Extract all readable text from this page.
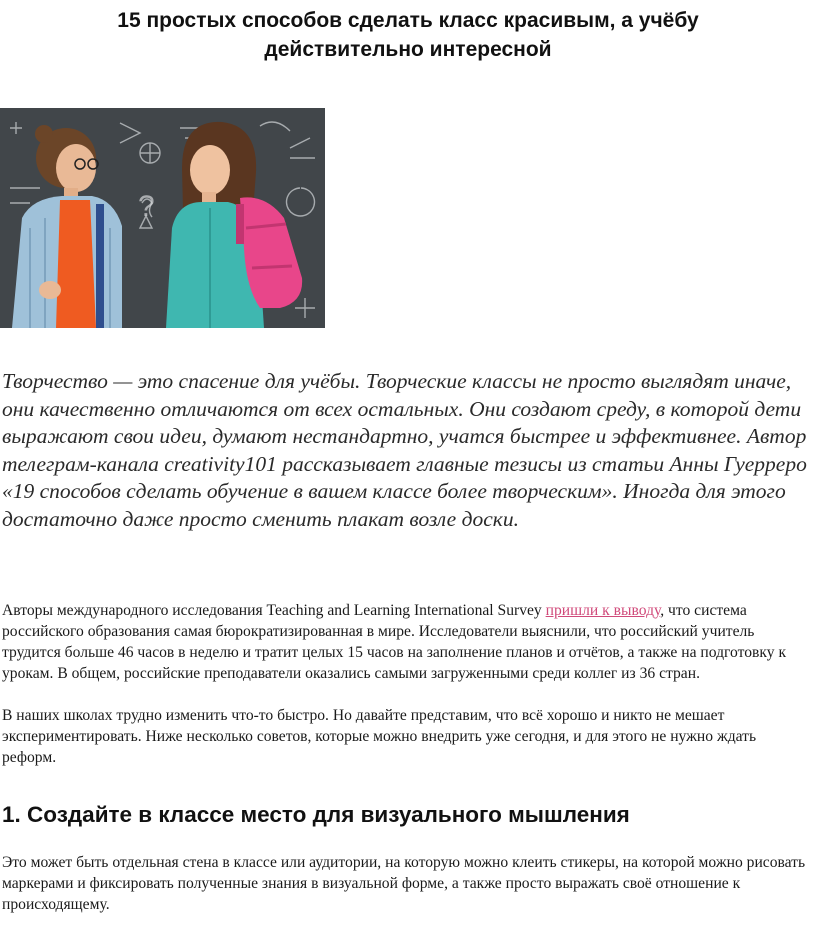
15 простых способов сделать класс красивым, а учёбу действительно интересной
?

Творчество — это спасение для учёбы. Творческие классы не просто выглядят иначе, они качественно отличаются от всех остальных. Они создают среду, в которой дети выражают свои идеи, думают нестандартно, учатся быстрее и эффективнее. Автор телеграм-канала creativity101 рассказывает главные тезисы из статьи Анны Гуерреро «19 способов сделать обучение в вашем классе более творческим». Иногда для этого достаточно даже просто сменить плакат возле доски.

Авторы международного исследования Teaching and Learning International Survey пришли к выводу, что система российского образования самая бюрократизированная в мире. Исследователи выяснили, что российский учитель трудится больше 46 часов в неделю и тратит целых 15 часов на заполнение планов и отчётов, а также на подготовку к урокам. В общем, российские преподаватели оказались самыми загруженными среди коллег из 36 стран.

В наших школах трудно изменить что-то быстро. Но давайте представим, что всё хорошо и никто не мешает экспериментировать. Ниже несколько советов, которые можно внедрить уже сегодня, и для этого не нужно ждать реформ.

1. Создайте в классе место для визуального мышления

Это может быть отдельная стена в классе или аудитории, на которую можно клеить стикеры, на которой можно рисовать маркерами и фиксировать полученные знания в визуальной форме, а также просто выражать своё отношение к происходящему.
